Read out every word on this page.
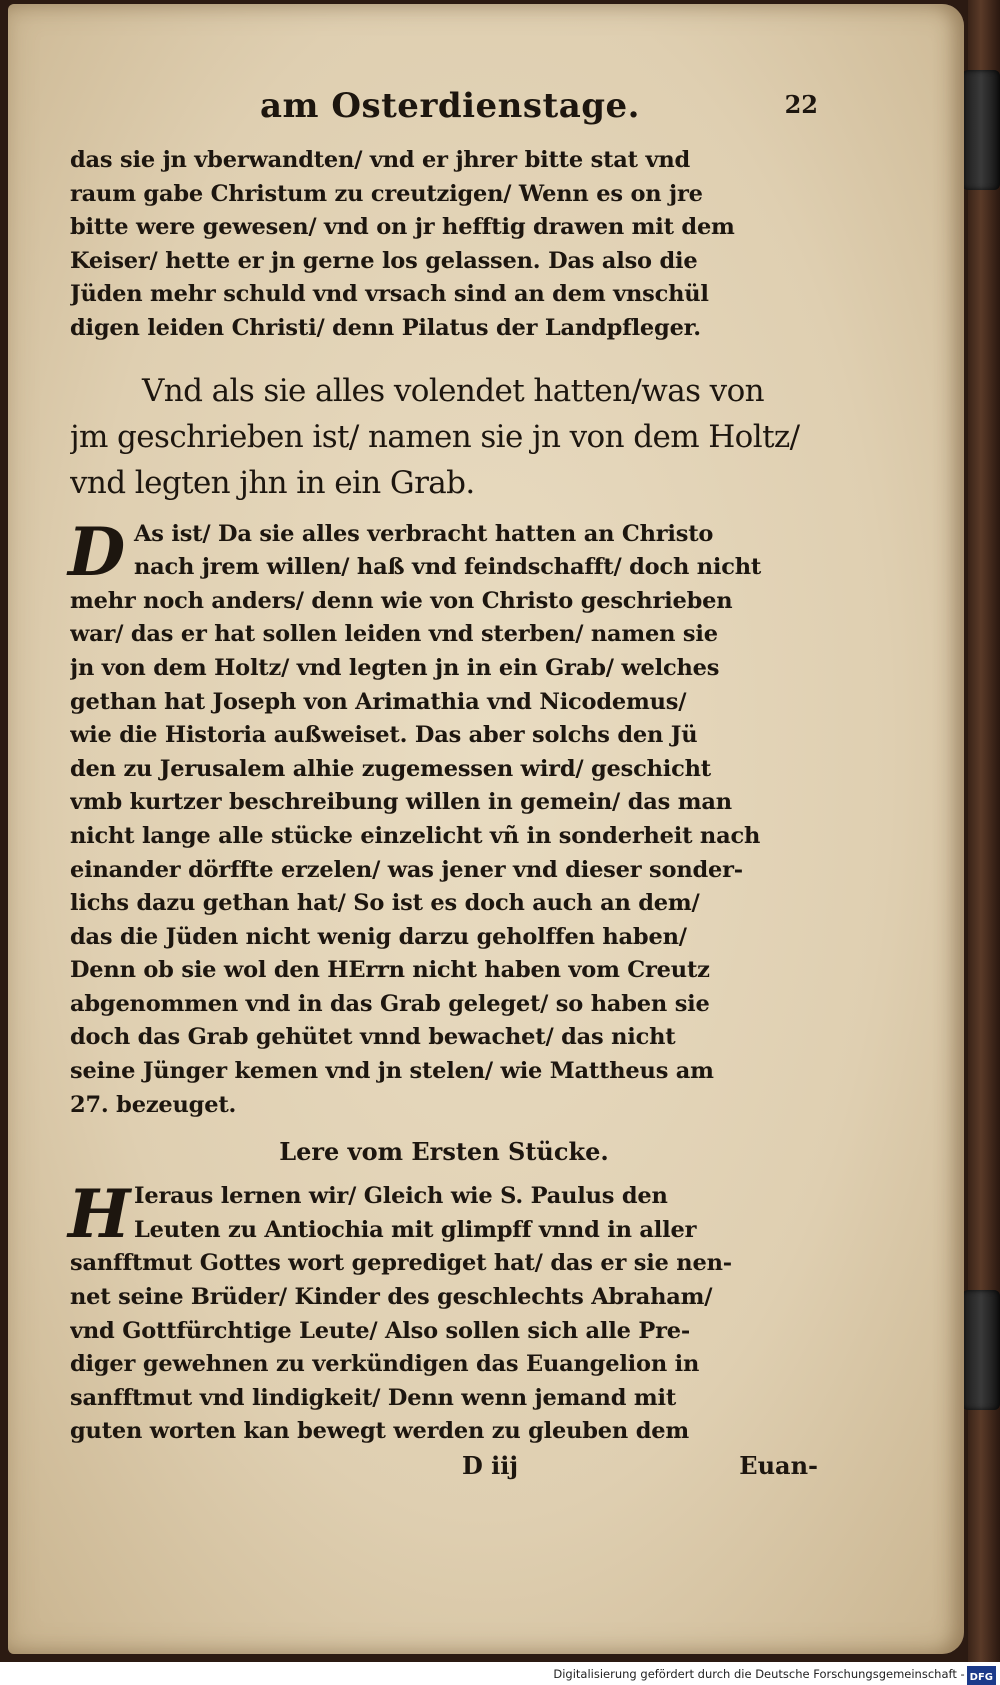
am Osterdienstage.	22

das sie jn vberwandten/ vnd er jhrer bitte stat vnd

raum gabe Christum zu creutzigen/ Wenn es on jre

bitte were gewesen/ vnd on jr hefftig drawen mit dem

Keiser/ hette er jn gerne los gelassen. Das also die

Jüden mehr schuld vnd vrsach sind an dem vnschül

digen leiden Christi/ denn Pilatus der Landpfleger.

Vnd als sie alles volendet hatten/was von

jm geschrieben ist/ namen sie jn von dem Holtz/

vnd legten jhn in ein Grab.

D As ist/ Da sie alles verbracht hatten an Christo

nach jrem willen/ haß vnd feindschafft/ doch nicht

mehr noch anders/ denn wie von Christo geschrieben

war/ das er hat sollen leiden vnd sterben/ namen sie

jn von dem Holtz/ vnd legten jn in ein Grab/ welches

gethan hat Joseph von Arimathia vnd Nicodemus/

wie die Historia außweiset. Das aber solchs den Jü

den zu Jerusalem alhie zugemessen wird/ geschicht

vmb kurtzer beschreibung willen in gemein/ das man

nicht lange alle stücke einzelicht vñ in sonderheit nach

einander dörffte erzelen/ was jener vnd dieser sonder-

lichs dazu gethan hat/ So ist es doch auch an dem/

das die Jüden nicht wenig darzu geholffen haben/

Denn ob sie wol den HErrn nicht haben vom Creutz

abgenommen vnd in das Grab geleget/ so haben sie

doch das Grab gehütet vnnd bewachet/ das nicht

seine Jünger kemen vnd jn stelen/ wie Mattheus am

27. bezeuget.

Lere vom Ersten Stücke.
H Ieraus lernen wir/ Gleich wie S. Paulus den

Leuten zu Antiochia mit glimpff vnnd in aller

sanfftmut Gottes wort geprediget hat/ das er sie nen-

net seine Brüder/ Kinder des geschlechts Abraham/

vnd Gottfürchtige Leute/ Also sollen sich alle Pre-

diger gewehnen zu verkündigen das Euangelion in

sanfftmut vnd lindigkeit/ Denn wenn jemand mit

guten worten kan bewegt werden zu gleuben dem

D iij	Euan-
Digitalisierung gefördert durch die Deutsche Forschungsgemeinschaft - DFG
